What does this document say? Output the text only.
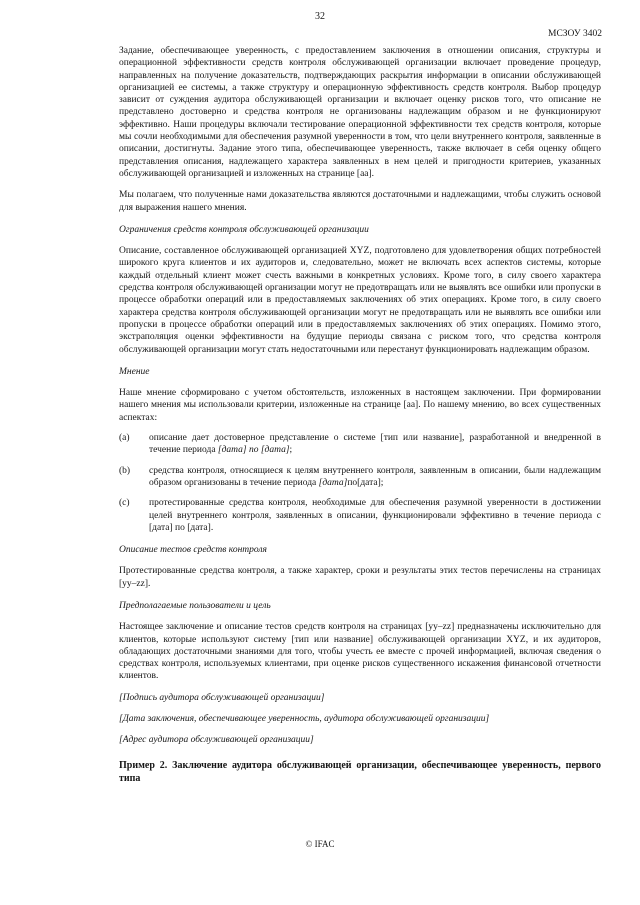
32
МСЗОУ 3402

Задание, обеспечивающее уверенность, с предоставлением заключения в отношении описания, структуры и операционной эффективности средств контроля обслуживающей организации включает проведение процедур, направленных на получение доказательств, подтверждающих раскрытия информации в описании обслуживающей организацией ее системы, а также структуру и операционную эффективность средств контроля. Выбор процедур зависит от суждения аудитора обслуживающей организации и включает оценку рисков того, что описание не представлено достоверно и средства контроля не организованы надлежащим образом и не функционируют эффективно. Наши процедуры включали тестирование операционной эффективности тех средств контроля, которые мы сочли необходимыми для обеспечения разумной уверенности в том, что цели внутреннего контроля, заявленные в описании, достигнуты. Задание этого типа, обеспечивающее уверенность, также включает в себя оценку общего представления описания, надлежащего характера заявленных в нем целей и пригодности критериев, указанных обслуживающей организацией и изложенных на странице [аа].

Мы полагаем, что полученные нами доказательства являются достаточными и надлежащими, чтобы служить основой для выражения нашего мнения.

Ограничения средств контроля обслуживающей организации

Описание, составленное обслуживающей организацией XYZ, подготовлено для удовлетворения общих потребностей широкого круга клиентов и их аудиторов и, следовательно, может не включать всех аспектов системы, которые каждый отдельный клиент может счесть важными в конкретных условиях. Кроме того, в силу своего характера средства контроля обслуживающей организации могут не предотвращать или не выявлять все ошибки или пропуски в процессе обработки операций или в предоставляемых заключениях об этих операциях. Кроме того, в силу своего характера средства контроля обслуживающей организации могут не предотвращать или не выявлять все ошибки или пропуски в процессе обработки операций или в предоставляемых заключениях об этих операциях. Помимо этого, экстраполяция оценки эффективности на будущие периоды связана с риском того, что средства контроля обслуживающей организации могут стать недостаточными или перестанут функционировать надлежащим образом.

Мнение

Наше мнение сформировано с учетом обстоятельств, изложенных в настоящем заключении. При формировании нашего мнения мы использовали критерии, изложенные на странице [аа]. По нашему мнению, во всех существенных аспектах:

(a)	описание дает достоверное представление о системе [тип или название], разработанной и внедренной в течение периода [дата] по [дата];
(b)	средства контроля, относящиеся к целям внутреннего контроля, заявленным в описании, были надлежащим образом организованы в течение периода [дата]по[дата];
(c)	протестированные средства контроля, необходимые для обеспечения разумной уверенности в достижении целей внутреннего контроля, заявленных в описании, функционировали эффективно в течение периода с [дата] по [дата].

Описание тестов средств контроля

Протестированные средства контроля, а также характер, сроки и результаты этих тестов перечислены на страницах [yy–zz].

Предполагаемые пользователи и цель

Настоящее заключение и описание тестов средств контроля на страницах [yy–zz] предназначены исключительно для клиентов, которые используют систему [тип или название] обслуживающей организации XYZ, и их аудиторов, обладающих достаточными знаниями для того, чтобы учесть ее вместе с прочей информацией, включая сведения о средствах контроля, используемых клиентами, при оценке рисков существенного искажения финансовой отчетности клиентов.

[Подпись аудитора обслуживающей организации]

[Дата заключения, обеспечивающее уверенность, аудитора обслуживающей организации]

[Адрес аудитора обслуживающей организации]

Пример 2. Заключение аудитора обслуживающей организации, обеспечивающее уверенность, первого типа

© IFAC
